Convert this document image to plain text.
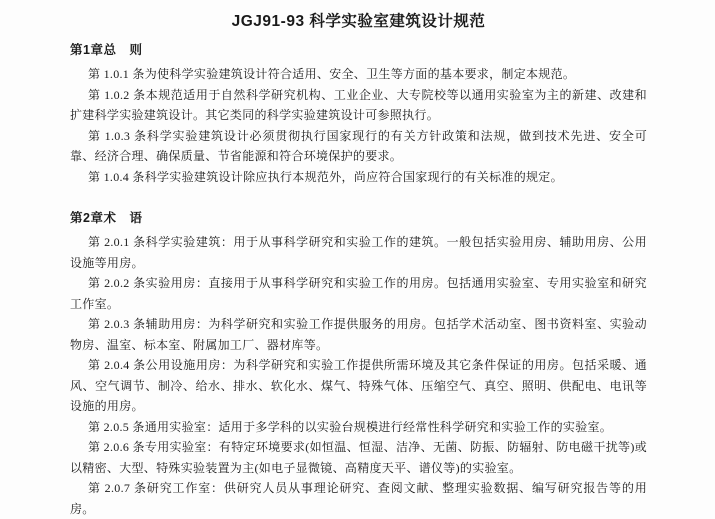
JGJ91-93 科学实验室建筑设计规范
第1章总　则

第 1.0.1 条为使科学实验建筑设计符合适用、安全、卫生等方面的基本要求，制定本规范。

第 1.0.2 条本规范适用于自然科学研究机构、工业企业、大专院校等以通用实验室为主的新建、改建和扩建科学实验建筑设计。其它类同的科学实验建筑设计可参照执行。

第 1.0.3 条科学实验建筑设计必须贯彻执行国家现行的有关方针政策和法规，做到技术先进、安全可靠、经济合理、确保质量、节省能源和符合环境保护的要求。

第 1.0.4 条科学实验建筑设计除应执行本规范外，尚应符合国家现行的有关标准的规定。

第2章术　语

第 2.0.1 条科学实验建筑：用于从事科学研究和实验工作的建筑。一般包括实验用房、辅助用房、公用设施等用房。

第 2.0.2 条实验用房：直接用于从事科学研究和实验工作的用房。包括通用实验室、专用实验室和研究工作室。

第 2.0.3 条辅助用房：为科学研究和实验工作提供服务的用房。包括学术活动室、图书资料室、实验动物房、温室、标本室、附属加工厂、器材库等。

第 2.0.4 条公用设施用房：为科学研究和实验工作提供所需环境及其它条件保证的用房。包括采暖、通风、空气调节、制冷、给水、排水、软化水、煤气、特殊气体、压缩空气、真空、照明、供配电、电讯等设施的用房。

第 2.0.5 条通用实验室：适用于多学科的以实验台规模进行经常性科学研究和实验工作的实验室。

第 2.0.6 条专用实验室：有特定环境要求(如恒温、恒湿、洁净、无菌、防振、防辐射、防电磁干扰等)或以精密、大型、特殊实验装置为主(如电子显微镜、高精度天平、谱仪等)的实验室。

第 2.0.7 条研究工作室：供研究人员从事理论研究、查阅文献、整理实验数据、编写研究报告等的用房。
